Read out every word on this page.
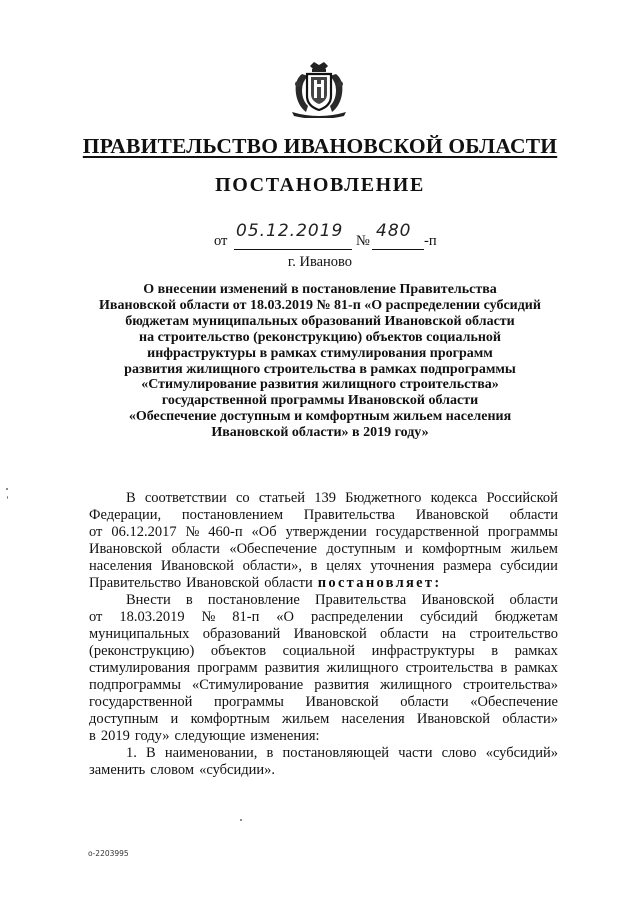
ПРАВИТЕЛЬСТВО ИВАНОВСКОЙ ОБЛАСТИ
ПОСТАНОВЛЕНИЕ
от 05.12.2019 № 480 -п
г. Иваново
О внесении изменений в постановление Правительства
Ивановской области от 18.03.2019 № 81-п «О распределении субсидий
бюджетам муниципальных образований Ивановской области
на строительство (реконструкцию) объектов социальной
инфраструктуры в рамках стимулирования программ
развития жилищного строительства в рамках подпрограммы
«Стимулирование развития жилищного строительства»
государственной программы Ивановской области
«Обеспечение доступным и комфортным жильем населения
Ивановской области» в 2019 году»
В соответствии со статьей 139 Бюджетного кодекса Российской
Федерации, постановлением Правительства Ивановской области
от 06.12.2017 № 460-п «Об утверждении государственной программы
Ивановской области «Обеспечение доступным и комфортным жильем
населения Ивановской области», в целях уточнения размера субсидии
Правительство Ивановской области постановляет:
Внести в постановление Правительства Ивановской области
от 18.03.2019 № 81-п «О распределении субсидий бюджетам
муниципальных образований Ивановской области на строительство
(реконструкцию) объектов социальной инфраструктуры в рамках
стимулирования программ развития жилищного строительства в рамках
подпрограммы «Стимулирование развития жилищного строительства»
государственной программы Ивановской области «Обеспечение
доступным и комфортным жильем населения Ивановской области»
в 2019 году» следующие изменения:
1. В наименовании, в постановляющей части слово «субсидий»
заменить словом «субсидии».
о-2203995
